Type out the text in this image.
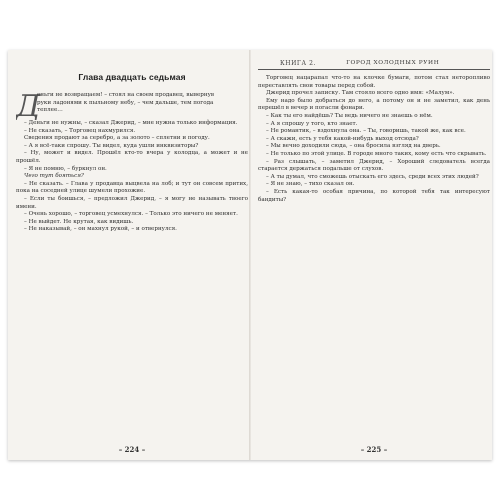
Глава двадцать седьмая
Д

еньги не возвращаем! – стоял на своем продавец, вывернув

руки ладонями к пыльному небу, – чем дальше, тем погода

теплее…

– Деньги не нужны, – сказал Джерид, – мне нужна только информация.

– Не сказать, – Торговец нахмурился.

Сведения продают за серебро, а за золото – сплетни и погоду.

– А я всё-таки спрошу. Ты видел, куда ушли инквизиторы?

– Ну, может и видел. Прошёл кто-то вчера у колодца, а может и не прошёл.

– Я не помню, – буркнул он.

Чего тут бояться?

– Не сказать. – Глава у продавца выцвела на лоб; и тут он совсем притих, пока на соседней улице шумели прохожие.

– Если ты боишься, – предложил Джерид, – я могу не называть твоего имени.

– Очень хорошо, – торговец усмехнулся. – Только это ничего не меняет.

– Не выйдет. Не крутая, как видишь.

– Не наказывай, – он махнул рукой, – и отвернулся.

– 224 –
КНИГА 2.	ГОРОД ХОЛОДНЫХ РУИН

Торговец нацарапал что-то на клочке бумаги, потом стал неторопливо переставлять свои товары перед собой.

Джерид прочел записку. Там стояло всего одно имя: «Малум».

Ему надо было добраться до него, а потому он и не заметил, как день перешёл в вечер и погасли фонари.

– Как ты его найдёшь? Ты ведь ничего не знаешь о нём.

– А я спрошу у того, кто знает.

– Не романтик, – вздохнула она. – Ты, говоришь, такой же, как все.

– А скажи, есть у тебя какой-нибудь выход отсюда?

– Мы вечно доходили сюда, – она бросила взгляд на дверь.

– Не только по этой улице. В городе много таких, кому есть что скрывать.

– Раз слышать, – заметил Джерид, – Хороший следователь всегда старается держаться подальше от слухов.

– А ты думал, что сможешь отыскать его здесь, среди всех этих людей?

– Я не знаю, – тихо сказал он.

– Есть какая-то особая причина, по которой тебя так интересуют бандиты?

– 225 –
